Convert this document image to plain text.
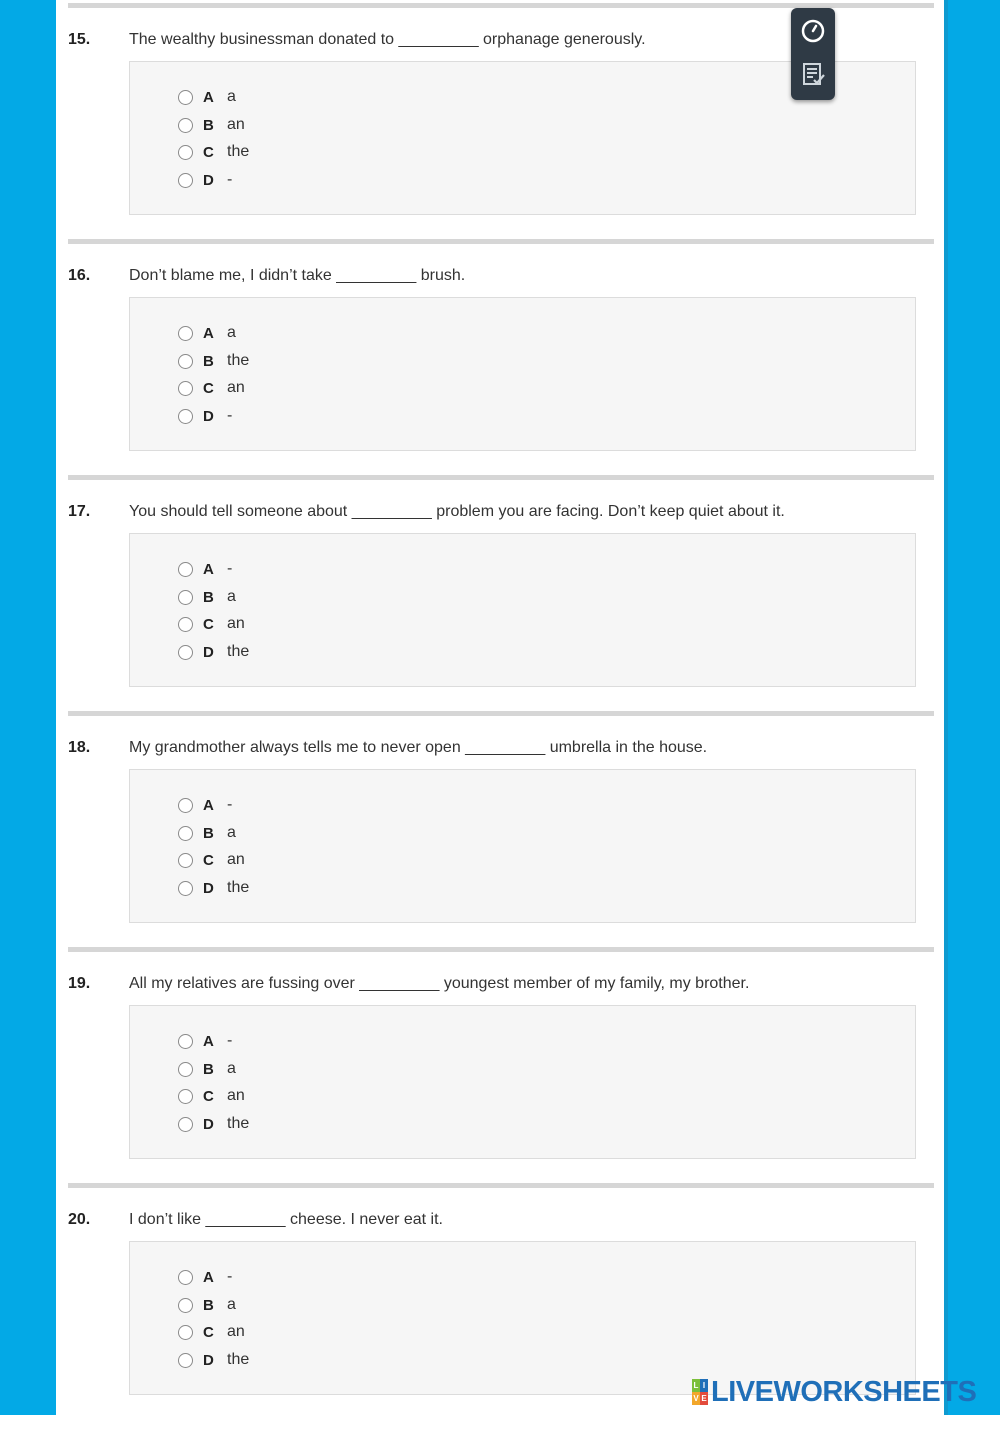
15. The wealthy businessman donated to _________ orphanage generously.
A a
B an
C the
D -
16. Don’t blame me, I didn’t take _________ brush.
A a
B the
C an
D -
17. You should tell someone about _________ problem you are facing. Don’t keep quiet about it.
A -
B a
C an
D the
18. My grandmother always tells me to never open _________ umbrella in the house.
A -
B a
C an
D the
19. All my relatives are fussing over _________ youngest member of my family, my brother.
A -
B a
C an
D the
20. I don’t like _________ cheese. I never eat it.
A -
B a
C an
D the
L I
V E LIVEWORKSHEETS
